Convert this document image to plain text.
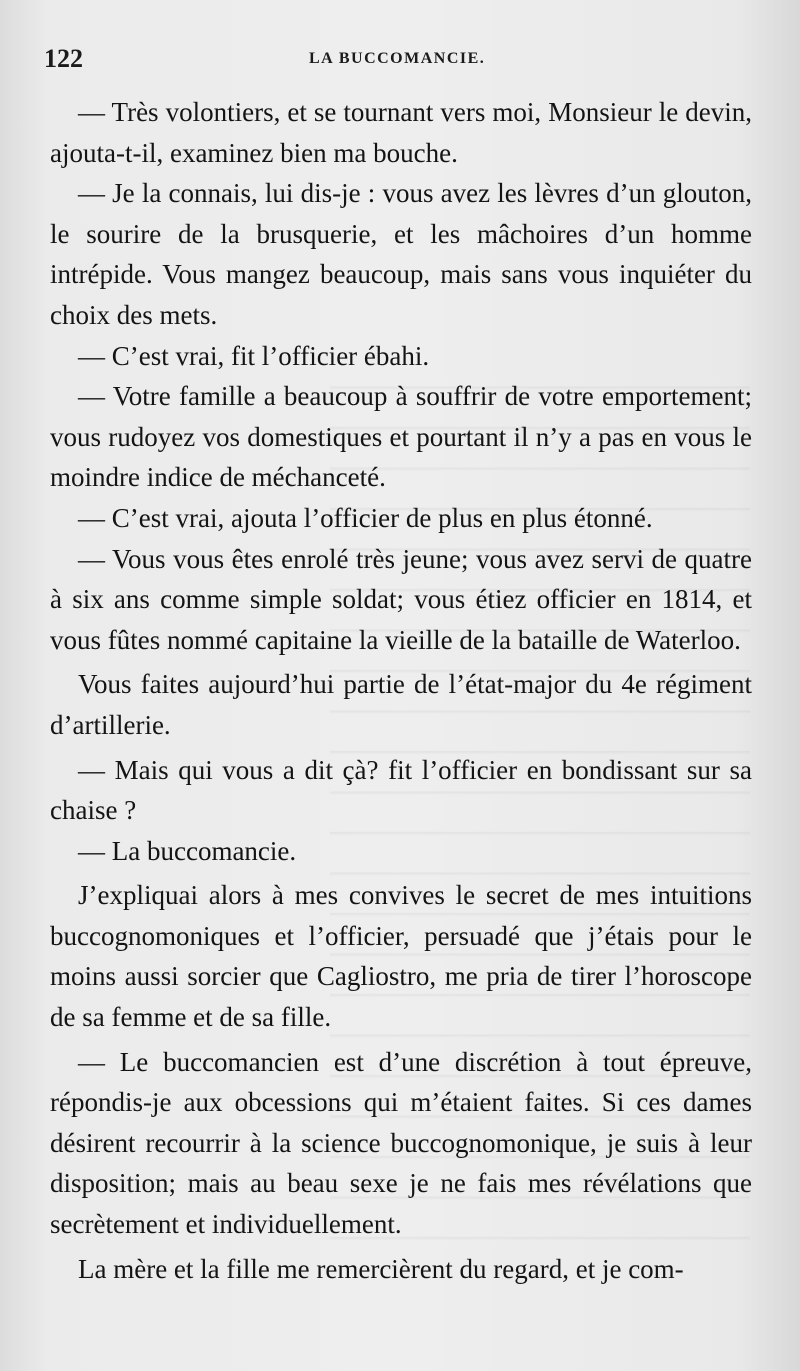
122	LA BUCCOMANCIE.

— Très volontiers, et se tournant vers moi, Monsieur le devin, ajouta-t-il, examinez bien ma bouche.

— Je la connais, lui dis-je : vous avez les lèvres d’un glouton, le sourire de la brusquerie, et les mâchoires d’un homme intrépide. Vous mangez beaucoup, mais sans vous inquiéter du choix des mets.

— C’est vrai, fit l’officier ébahi.

— Votre famille a beaucoup à souffrir de votre emportement; vous rudoyez vos domestiques et pourtant il n’y a pas en vous le moindre indice de méchanceté.

— C’est vrai, ajouta l’officier de plus en plus étonné.

— Vous vous êtes enrolé très jeune; vous avez servi de quatre à six ans comme simple soldat; vous étiez officier en 1814, et vous fûtes nommé capitaine la vieille de la bataille de Waterloo.

Vous faites aujourd’hui partie de l’état-major du 4e régiment d’artillerie.

— Mais qui vous a dit çà? fit l’officier en bondissant sur sa chaise ?

— La buccomancie.

J’expliquai alors à mes convives le secret de mes intuitions buccognomoniques et l’officier, persuadé que j’étais pour le moins aussi sorcier que Cagliostro, me pria de tirer l’horoscope de sa femme et de sa fille.

— Le buccomancien est d’une discrétion à tout épreuve, répondis-je aux obcessions qui m’étaient faites. Si ces dames désirent recourrir à la science buccognomonique, je suis à leur disposition; mais au beau sexe je ne fais mes révélations que secrètement et individuellement.

La mère et la fille me remercièrent du regard, et je com-
